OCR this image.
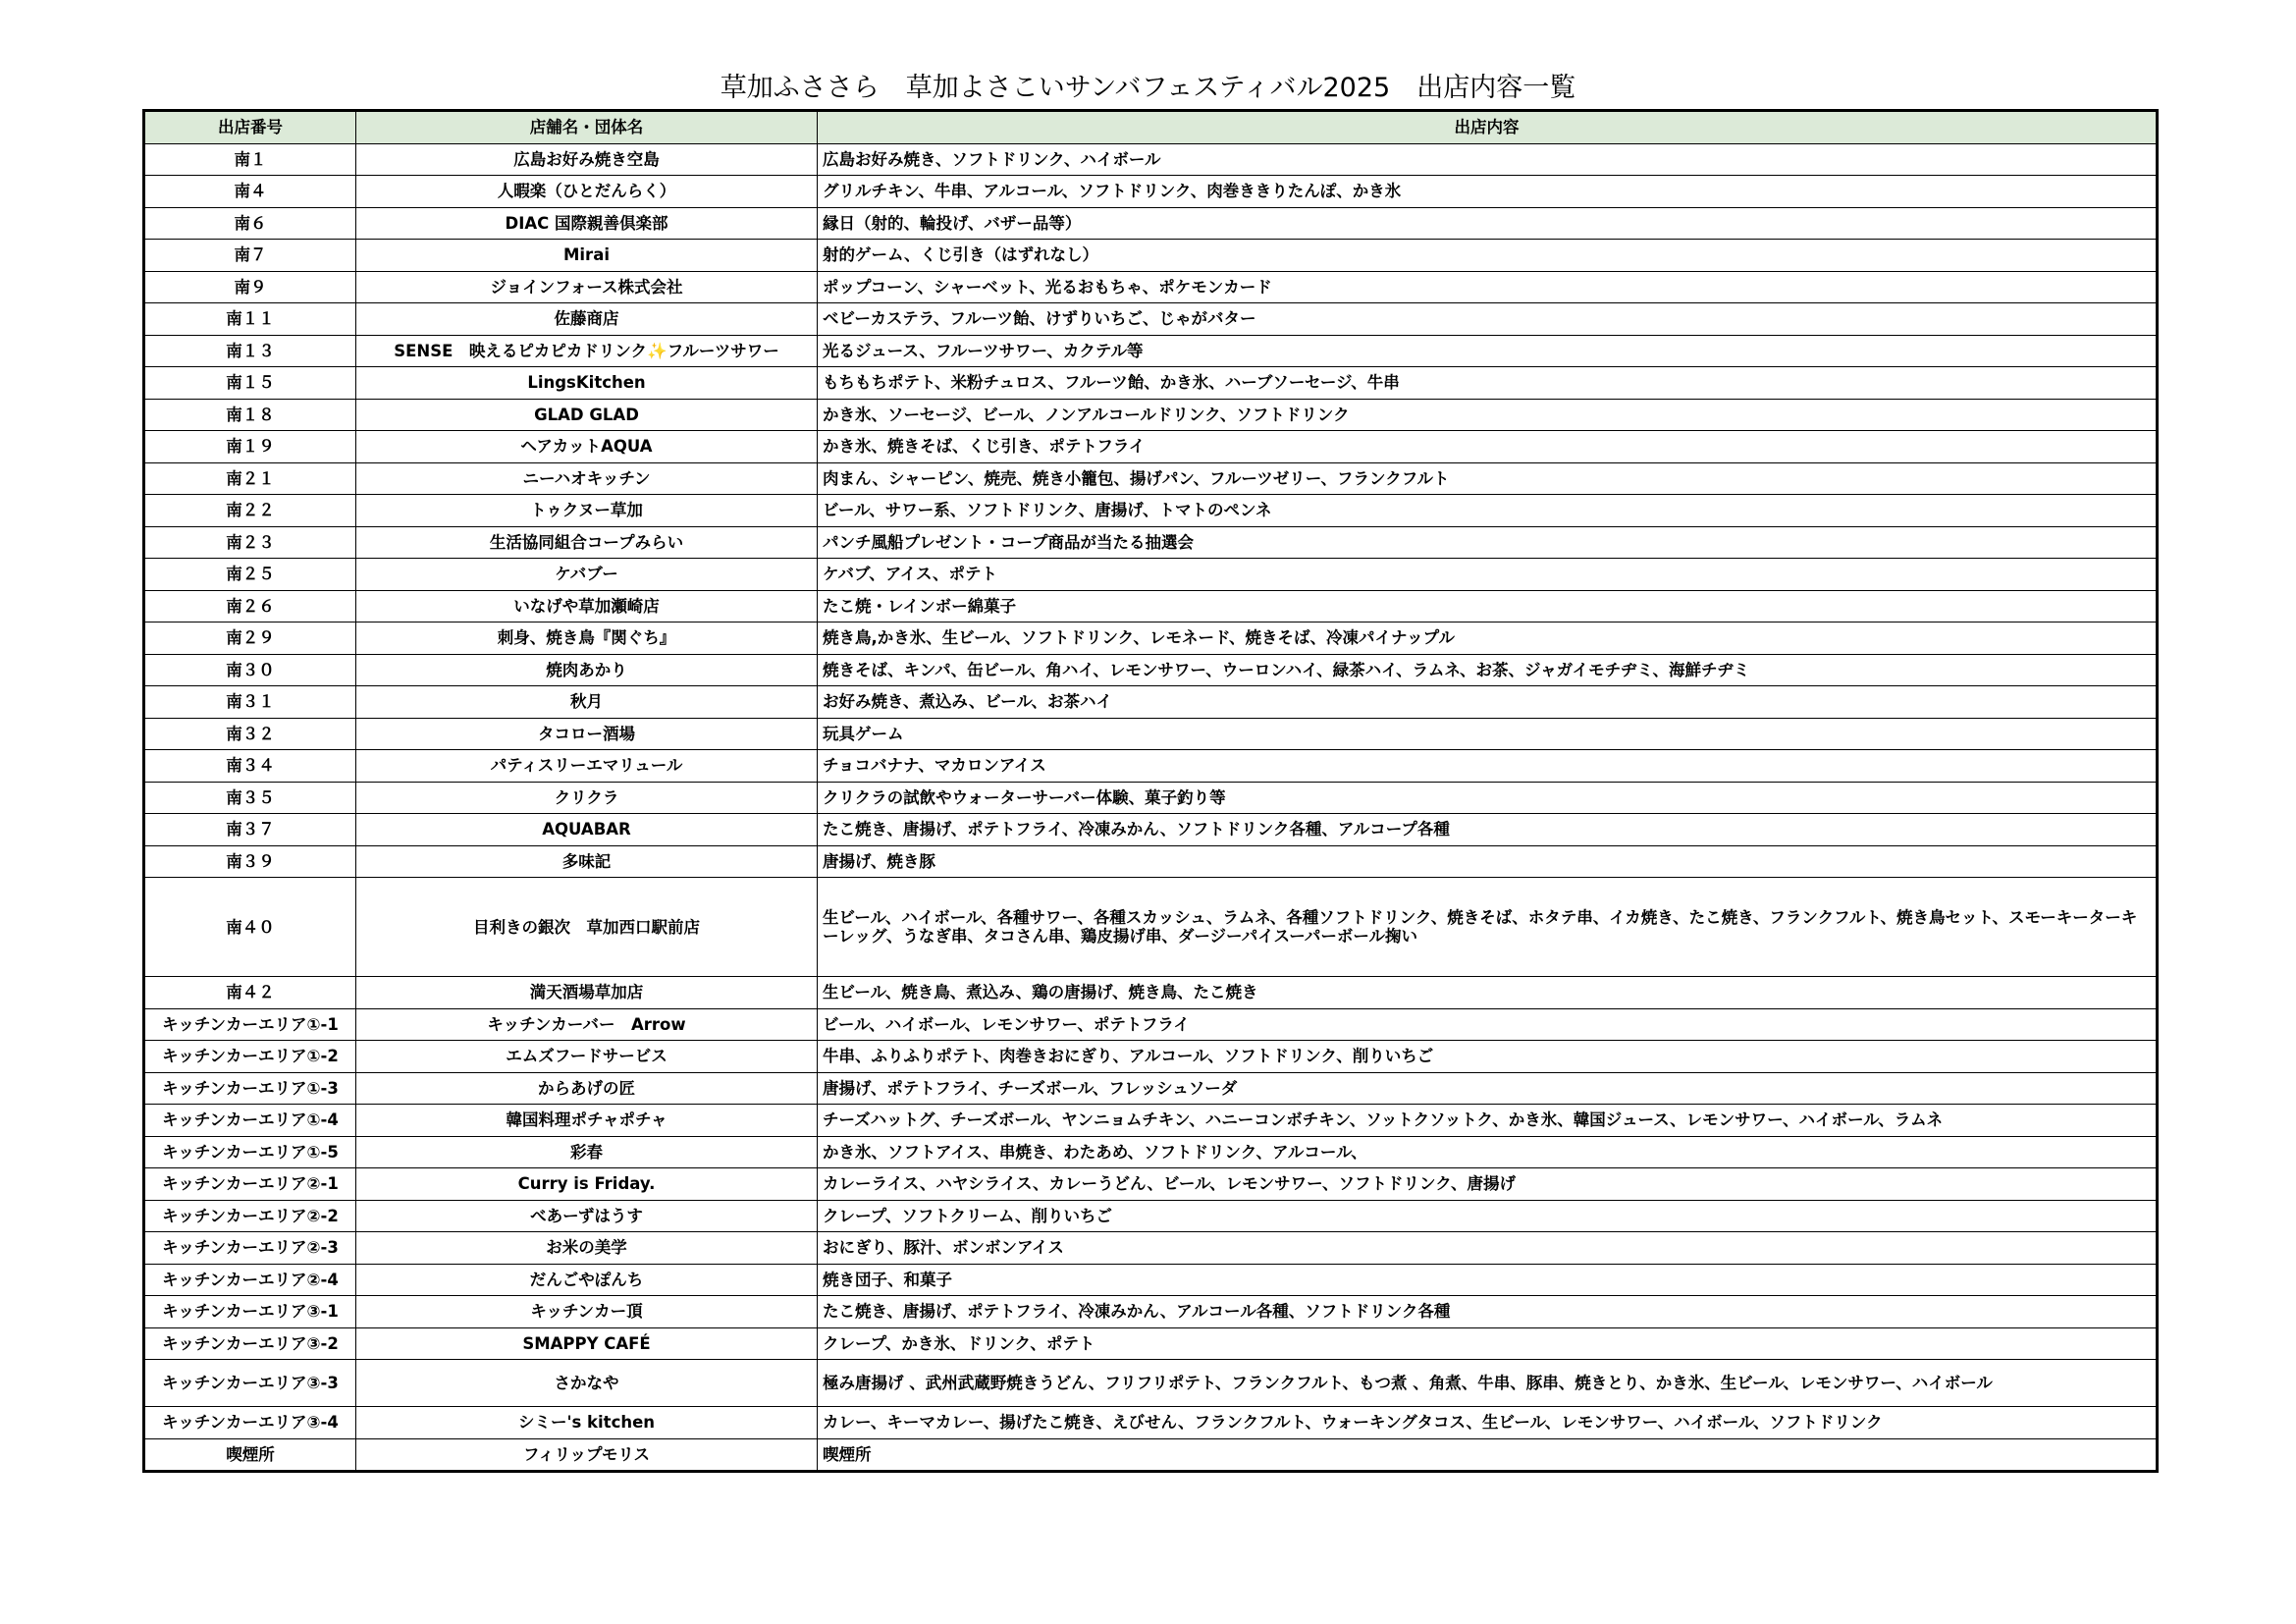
草加ふささら　草加よさこいサンバフェスティバル2025　出店内容一覧
出店番号	店舗名・団体名	出店内容
南１	広島お好み焼き空島	広島お好み焼き、ソフトドリンク、ハイボール
南４	人暇楽（ひとだんらく）	グリルチキン、牛串、アルコール、ソフトドリンク、肉巻ききりたんぽ、かき氷
南６	DIAC 国際親善倶楽部	縁日（射的、輪投げ、バザー品等）
南７	Mirai	射的ゲーム、くじ引き（はずれなし）
南９	ジョインフォース株式会社	ポップコーン、シャーベット、光るおもちゃ、ポケモンカード
南１１	佐藤商店	ベビーカステラ、フルーツ飴、けずりいちご、じゃがバター
南１３	SENSE　映えるピカピカドリンク✨フルーツサワー	光るジュース、フルーツサワー、カクテル等
南１５	LingsKitchen	もちもちポテト、米粉チュロス、フルーツ飴、かき氷、ハーブソーセージ、牛串
南１８	GLAD GLAD	かき氷、ソーセージ、ビール、ノンアルコールドリンク、ソフトドリンク
南１９	ヘアカットAQUA	かき氷、焼きそば、くじ引き、ポテトフライ
南２１	ニーハオキッチン	肉まん、シャーピン、焼売、焼き小籠包、揚げパン、フルーツゼリー、フランクフルト
南２２	トゥクヌー草加	ビール、サワー系、ソフトドリンク、唐揚げ、トマトのペンネ
南２３	生活協同組合コープみらい	パンチ風船プレゼント・コープ商品が当たる抽選会
南２５	ケバブー	ケバブ、アイス、ポテト
南２６	いなげや草加瀬崎店	たこ焼・レインボー綿菓子
南２９	刺身、焼き鳥『関ぐち』	焼き鳥,かき氷、生ビール、ソフトドリンク、レモネード、焼きそば、冷凍パイナップル
南３０	焼肉あかり	焼きそば、キンパ、缶ビール、角ハイ、レモンサワー、ウーロンハイ、緑茶ハイ、ラムネ、お茶、ジャガイモチヂミ、海鮮チヂミ
南３１	秋月	お好み焼き、煮込み、ビール、お茶ハイ
南３２	タコロー酒場	玩具ゲーム
南３４	パティスリーエマリュール	チョコバナナ、マカロンアイス
南３５	クリクラ	クリクラの試飲やウォーターサーバー体験、菓子釣り等
南３７	AQUABAR	たこ焼き、唐揚げ、ポテトフライ、冷凍みかん、ソフトドリンク各種、アルコープ各種
南３９	多味記	唐揚げ、焼き豚
南４０	目利きの銀次　草加西口駅前店	生ビール、ハイボール、各種サワー、各種スカッシュ、ラムネ、各種ソフトドリンク、焼きそば、ホタテ串、イカ焼き、たこ焼き、フランクフルト、焼き鳥セット、スモーキーターキーレッグ、うなぎ串、タコさん串、鶏皮揚げ串、ダージーパイスーパーボール掬い
南４２	満天酒場草加店	生ビール、焼き鳥、煮込み、鶏の唐揚げ、焼き鳥、たこ焼き
キッチンカーエリア①-1	キッチンカーバー　Arrow	ビール、ハイボール、レモンサワー、ポテトフライ
キッチンカーエリア①-2	エムズフードサービス	牛串、ふりふりポテト、肉巻きおにぎり、アルコール、ソフトドリンク、削りいちご
キッチンカーエリア①-3	からあげの匠	唐揚げ、ポテトフライ、チーズボール、フレッシュソーダ
キッチンカーエリア①-4	韓国料理ポチャポチャ	チーズハットグ、チーズボール、ヤンニョムチキン、ハニーコンボチキン、ソットクソットク、かき氷、韓国ジュース、レモンサワー、ハイボール、ラムネ
キッチンカーエリア①-5	彩春	かき氷、ソフトアイス、串焼き、わたあめ、ソフトドリンク、アルコール、
キッチンカーエリア②-1	Curry is Friday.	カレーライス、ハヤシライス、カレーうどん、ビール、レモンサワー、ソフトドリンク、唐揚げ
キッチンカーエリア②-2	べあーずはうす	クレープ、ソフトクリーム、削りいちご
キッチンカーエリア②-3	お米の美学	おにぎり、豚汁、ボンボンアイス
キッチンカーエリア②-4	だんごやぽんち	焼き団子、和菓子
キッチンカーエリア③-1	キッチンカー頂	たこ焼き、唐揚げ、ポテトフライ、冷凍みかん、アルコール各種、ソフトドリンク各種
キッチンカーエリア③-2	SMAPPY CAFÉ	クレープ、かき氷、ドリンク、ポテト
キッチンカーエリア③-3	さかなや	極み唐揚げ 、武州武蔵野焼きうどん、フリフリポテト、フランクフルト、もつ煮 、角煮、牛串、豚串、焼きとり、かき氷、生ビール、レモンサワー、ハイボール
キッチンカーエリア③-4	シミー's kitchen	カレー、キーマカレー、揚げたこ焼き、えびせん、フランクフルト、ウォーキングタコス、生ビール、レモンサワー、ハイボール、ソフトドリンク
喫煙所	フィリップモリス	喫煙所
